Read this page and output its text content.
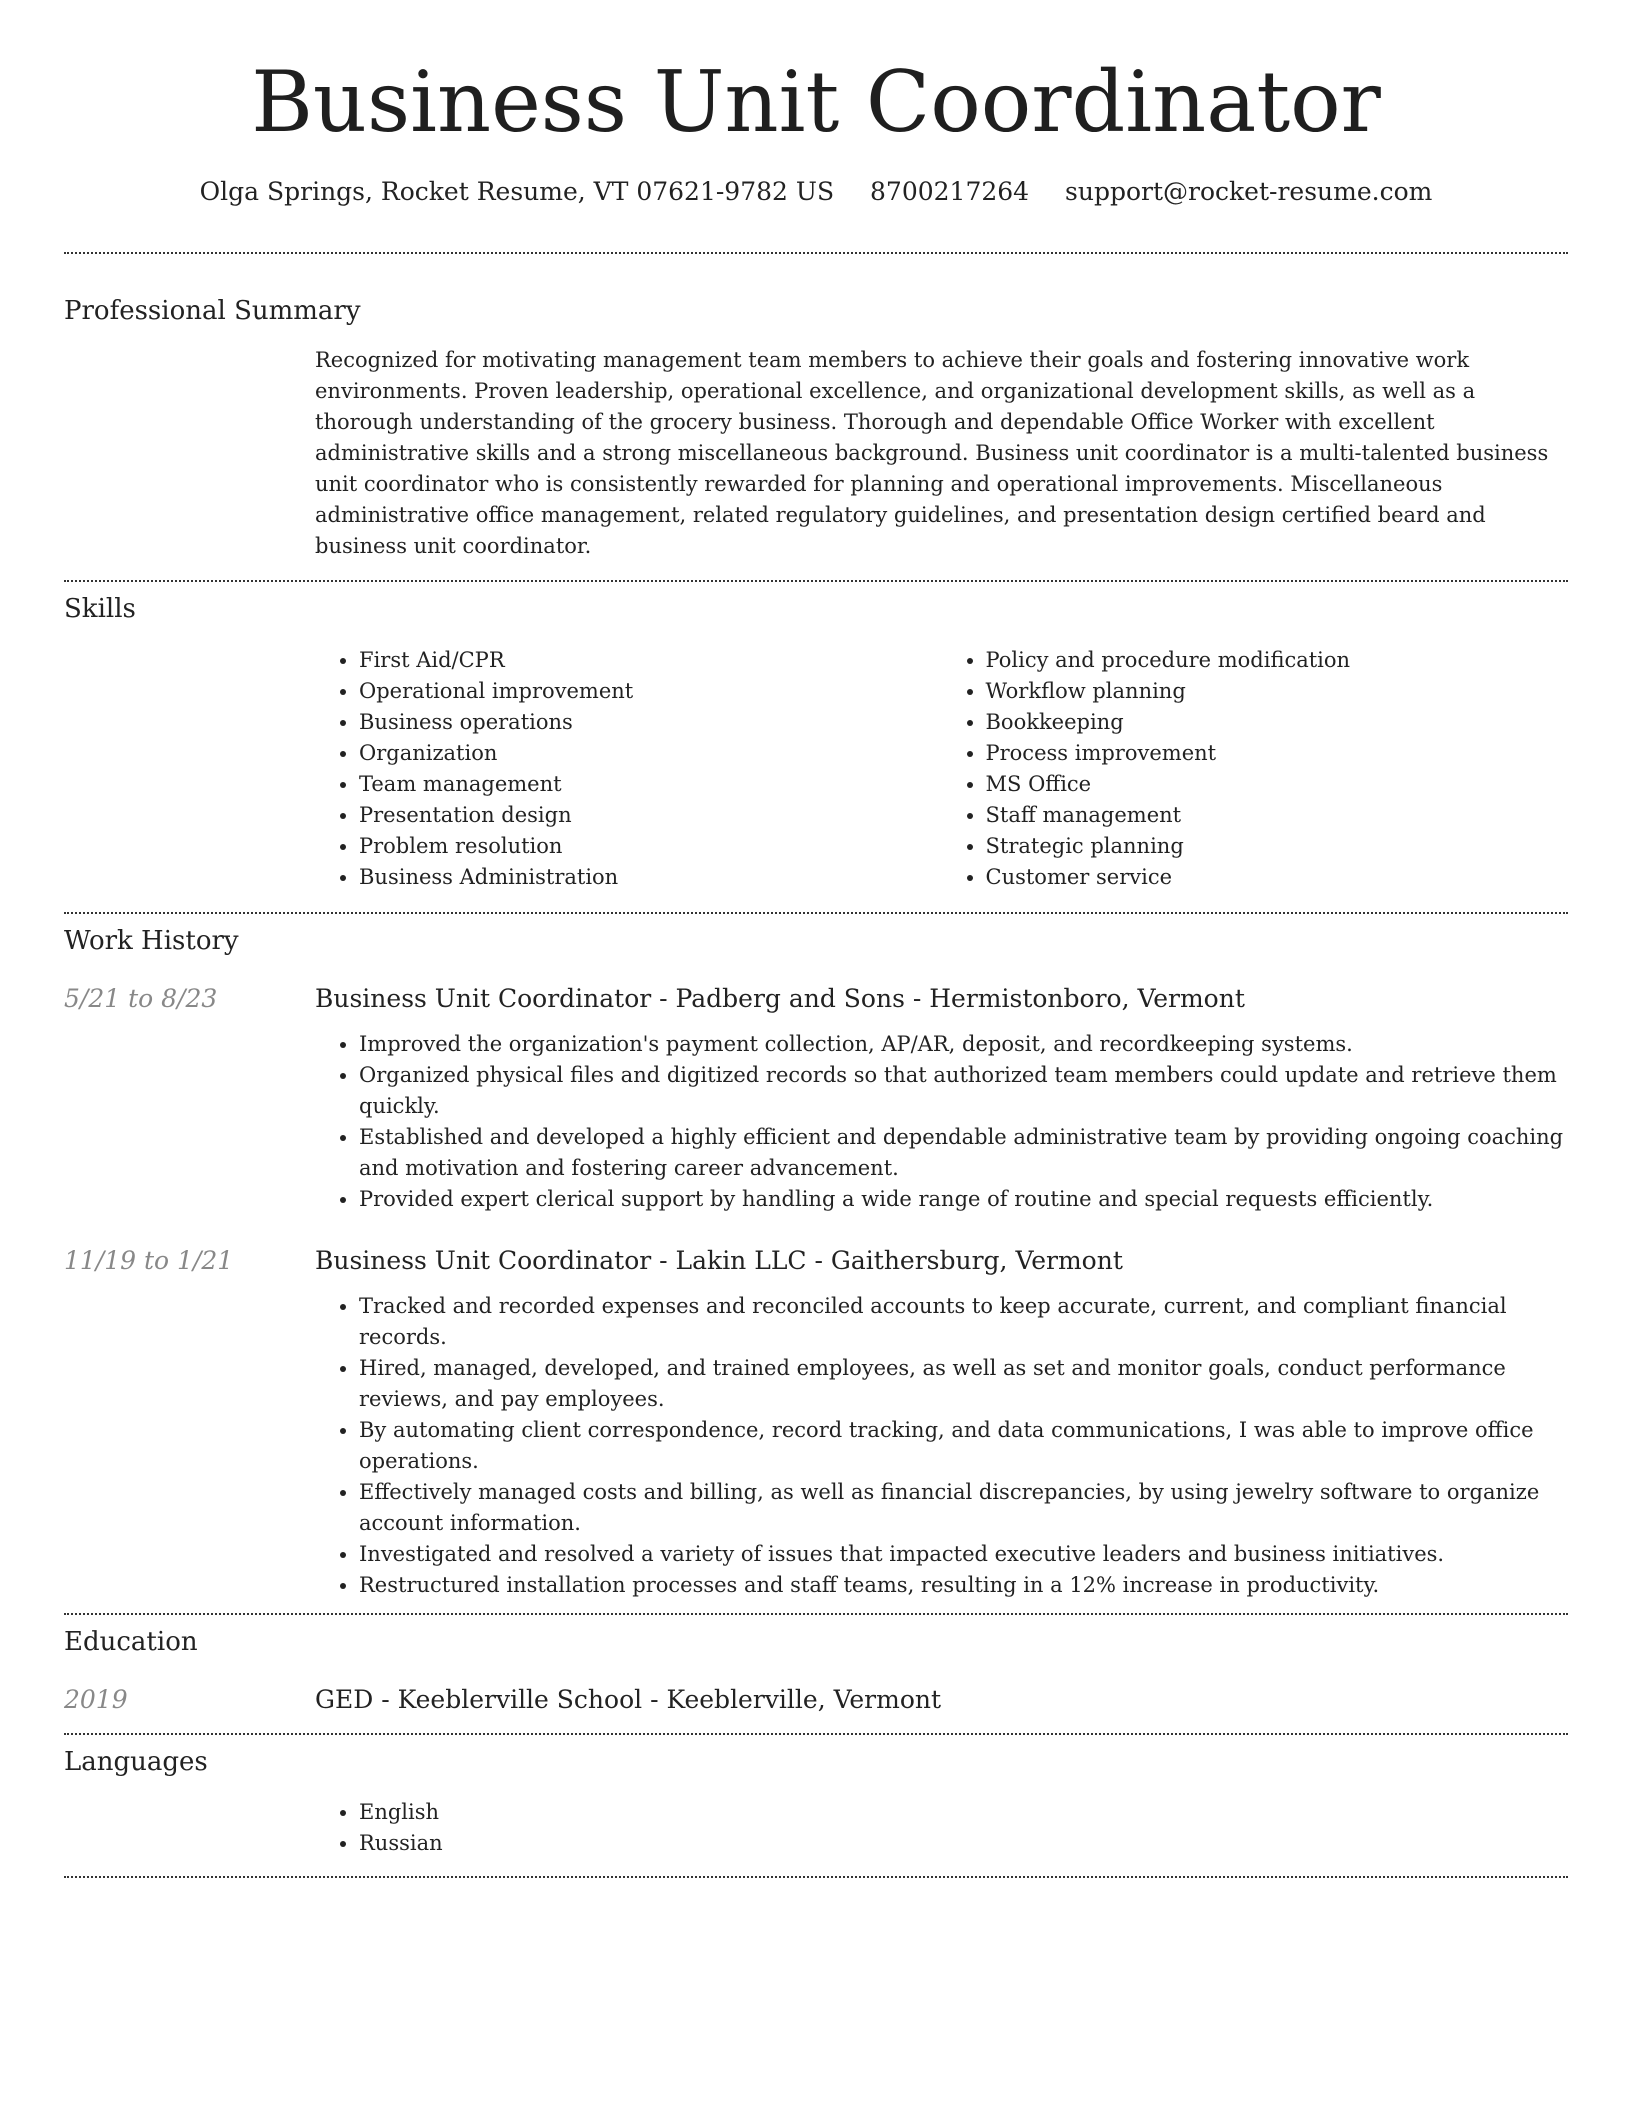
Business Unit Coordinator
Olga Springs, Rocket Resume, VT 07621-9782 US 8700217264 support@rocket-resume.com
Professional Summary

Recognized for motivating management team members to achieve their goals and fostering innovative work environments. Proven leadership, operational excellence, and organizational development skills, as well as a thorough understanding of the grocery business. Thorough and dependable Office Worker with excellent administrative skills and a strong miscellaneous background. Business unit coordinator is a multi-talented business unit coordinator who is consistently rewarded for planning and operational improvements. Miscellaneous administrative office management, related regulatory guidelines, and presentation design certified beard and business unit coordinator.

Skills
• First Aid/CPR
• Operational improvement
• Business operations
• Organization
• Team management
• Presentation design
• Problem resolution
• Business Administration
• Policy and procedure modification
• Workflow planning
• Bookkeeping
• Process improvement
• MS Office
• Staff management
• Strategic planning
• Customer service
Work History
5/21 to 8/23	Business Unit Coordinator - Padberg and Sons - Hermistonboro, Vermont
• Improved the organization's payment collection, AP/AR, deposit, and recordkeeping systems.
• Organized physical files and digitized records so that authorized team members could update and retrieve them quickly.
• Established and developed a highly efficient and dependable administrative team by providing ongoing coaching and motivation and fostering career advancement.
• Provided expert clerical support by handling a wide range of routine and special requests efficiently.
11/19 to 1/21	Business Unit Coordinator - Lakin LLC - Gaithersburg, Vermont
• Tracked and recorded expenses and reconciled accounts to keep accurate, current, and compliant financial records.
• Hired, managed, developed, and trained employees, as well as set and monitor goals, conduct performance reviews, and pay employees.
• By automating client correspondence, record tracking, and data communications, I was able to improve office operations.
• Effectively managed costs and billing, as well as financial discrepancies, by using jewelry software to organize account information.
• Investigated and resolved a variety of issues that impacted executive leaders and business initiatives.
• Restructured installation processes and staff teams, resulting in a 12% increase in productivity.
Education
2019	GED - Keeblerville School - Keeblerville, Vermont
Languages
• English
• Russian
